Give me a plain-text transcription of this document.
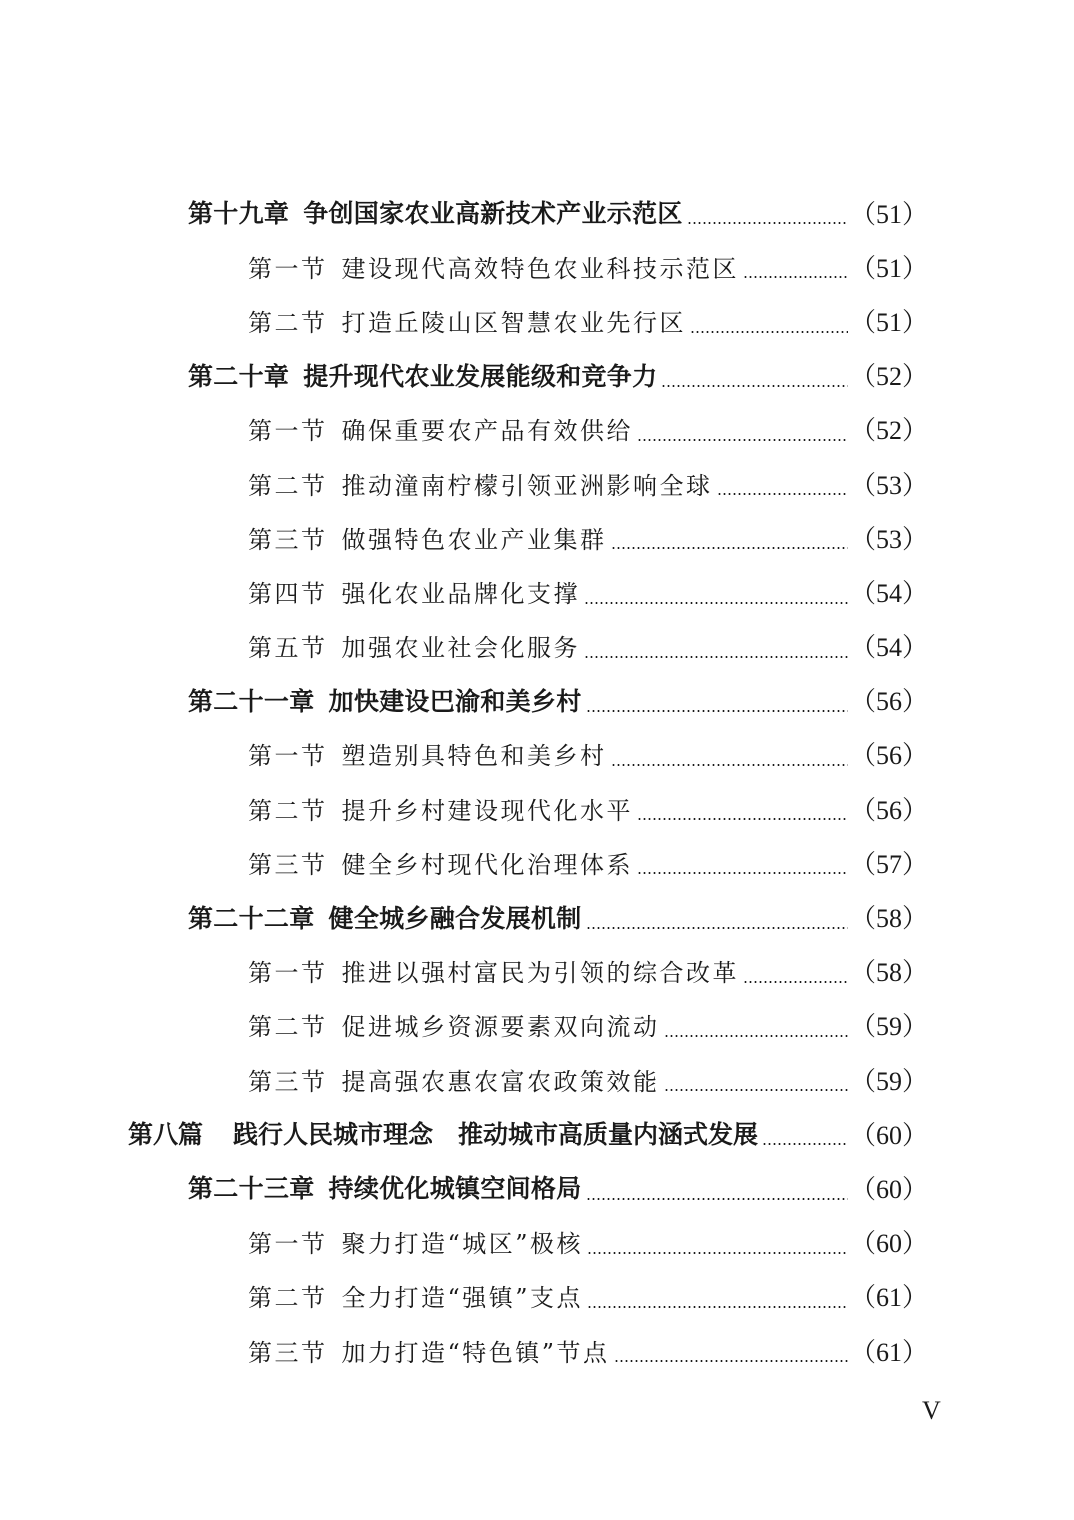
第十九章 争创国家农业高新技术产业示范区	（51）
第一节 建设现代高效特色农业科技示范区	（51）
第二节 打造丘陵山区智慧农业先行区	（51）
第二十章 提升现代农业发展能级和竞争力	（52）
第一节 确保重要农产品有效供给	（52）
第二节 推动潼南柠檬引领亚洲影响全球	（53）
第三节 做强特色农业产业集群	（53）
第四节 强化农业品牌化支撑	（54）
第五节 加强农业社会化服务	（54）
第二十一章 加快建设巴渝和美乡村	（56）
第一节 塑造别具特色和美乡村	（56）
第二节 提升乡村建设现代化水平	（56）
第三节 健全乡村现代化治理体系	（57）
第二十二章 健全城乡融合发展机制	（58）
第一节 推进以强村富民为引领的综合改革	（58）
第二节 促进城乡资源要素双向流动	（59）
第三节 提高强农惠农富农政策效能	（59）
第八篇 践行人民城市理念　推动城市高质量内涵式发展	（60）
第二十三章 持续优化城镇空间格局	（60）
第一节 聚力打造“城区”极核	（60）
第二节 全力打造“强镇”支点	（61）
第三节 加力打造“特色镇”节点	（61）
V
